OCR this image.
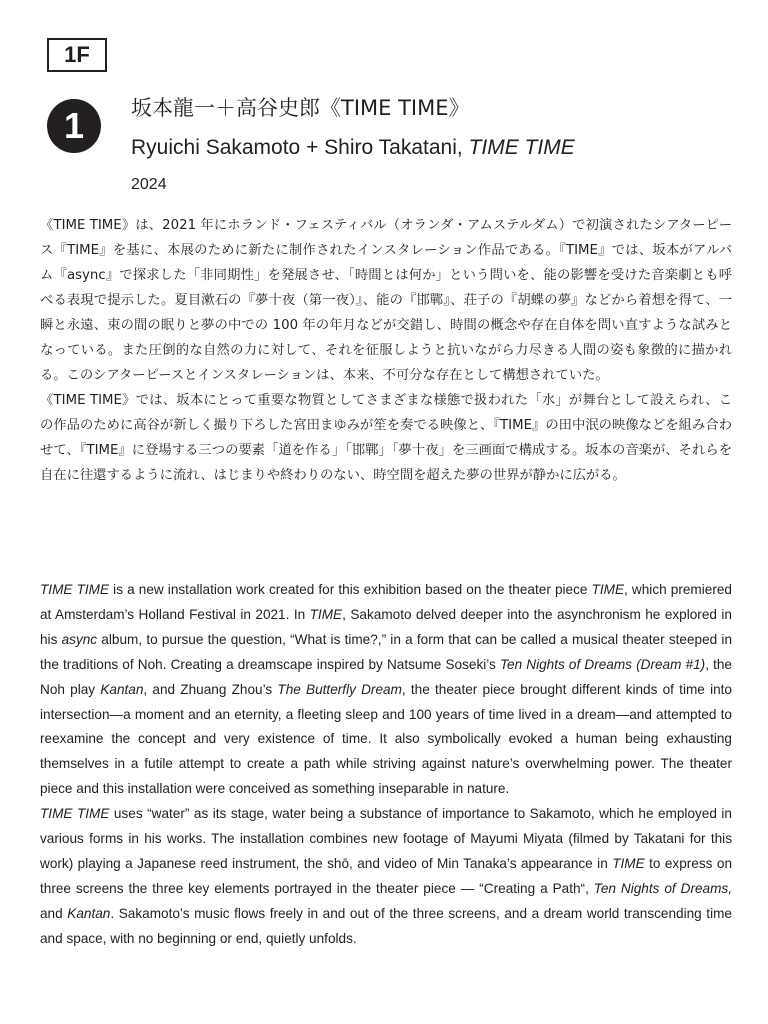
1F
1	坂本龍一＋高谷史郎《TIME TIME》
Ryuichi Sakamoto + Shiro Takatani, TIME TIME
2024

《TIME TIME》は、2021 年にホランド・フェスティバル（オランダ・アムステルダム）で初演されたシアターピース『TIME』を基に、本展のために新たに制作されたインスタレーション作品である。『TIME』では、坂本がアルバム『async』で探求した「非同期性」を発展させ、「時間とは何か」という問いを、能の影響を受けた音楽劇とも呼べる表現で提示した。夏目漱石の『夢十夜（第一夜）』、能の『邯鄲』、荘子の『胡蝶の夢』などから着想を得て、一瞬と永遠、束の間の眠りと夢の中での 100 年の年月などが交錯し、時間の概念や存在自体を問い直すような試みとなっている。また圧倒的な自然の力に対して、それを征服しようと抗いながら力尽きる人間の姿も象徴的に描かれる。このシアターピースとインスタレーションは、本来、不可分な存在として構想されていた。

《TIME TIME》では、坂本にとって重要な物質としてさまざまな様態で扱われた「水」が舞台として設えられ、この作品のために高谷が新しく撮り下ろした宮田まゆみが笙を奏でる映像と、『TIME』の田中泯の映像などを組み合わせて、『TIME』に登場する三つの要素「道を作る」「邯鄲」「夢十夜」を三画面で構成する。坂本の音楽が、それらを自在に往還するように流れ、はじまりや終わりのない、時空間を超えた夢の世界が静かに広がる。

TIME TIME is a new installation work created for this exhibition based on the theater piece TIME, which premiered at Amsterdam’s Holland Festival in 2021. In TIME, Sakamoto delved deeper into the asynchronism he explored in his async album, to pursue the question, “What is time?,” in a form that can be called a musical theater steeped in the traditions of Noh. Creating a dreamscape inspired by Natsume Soseki’s Ten Nights of Dreams (Dream #1), the Noh play Kantan, and Zhuang Zhou’s The Butterfly Dream, the theater piece brought different kinds of time into intersection—a moment and an eternity, a fleeting sleep and 100 years of time lived in a dream—and attempted to reexamine the concept and very existence of time. It also symbolically evoked a human being exhausting themselves in a futile attempt to create a path while striving against nature’s overwhelming power. The theater piece and this installation were conceived as something inseparable in nature.

TIME TIME uses “water” as its stage, water being a substance of importance to Sakamoto, which he employed in various forms in his works. The installation combines new footage of Mayumi Miyata (filmed by Takatani for this work) playing a Japanese reed instrument, the shō, and video of Min Tanaka’s appearance in TIME to express on three screens the three key elements portrayed in the theater piece — “Creating a Path“, Ten Nights of Dreams, and Kantan. Sakamoto’s music flows freely in and out of the three screens, and a dream world transcending time and space, with no beginning or end, quietly unfolds.
